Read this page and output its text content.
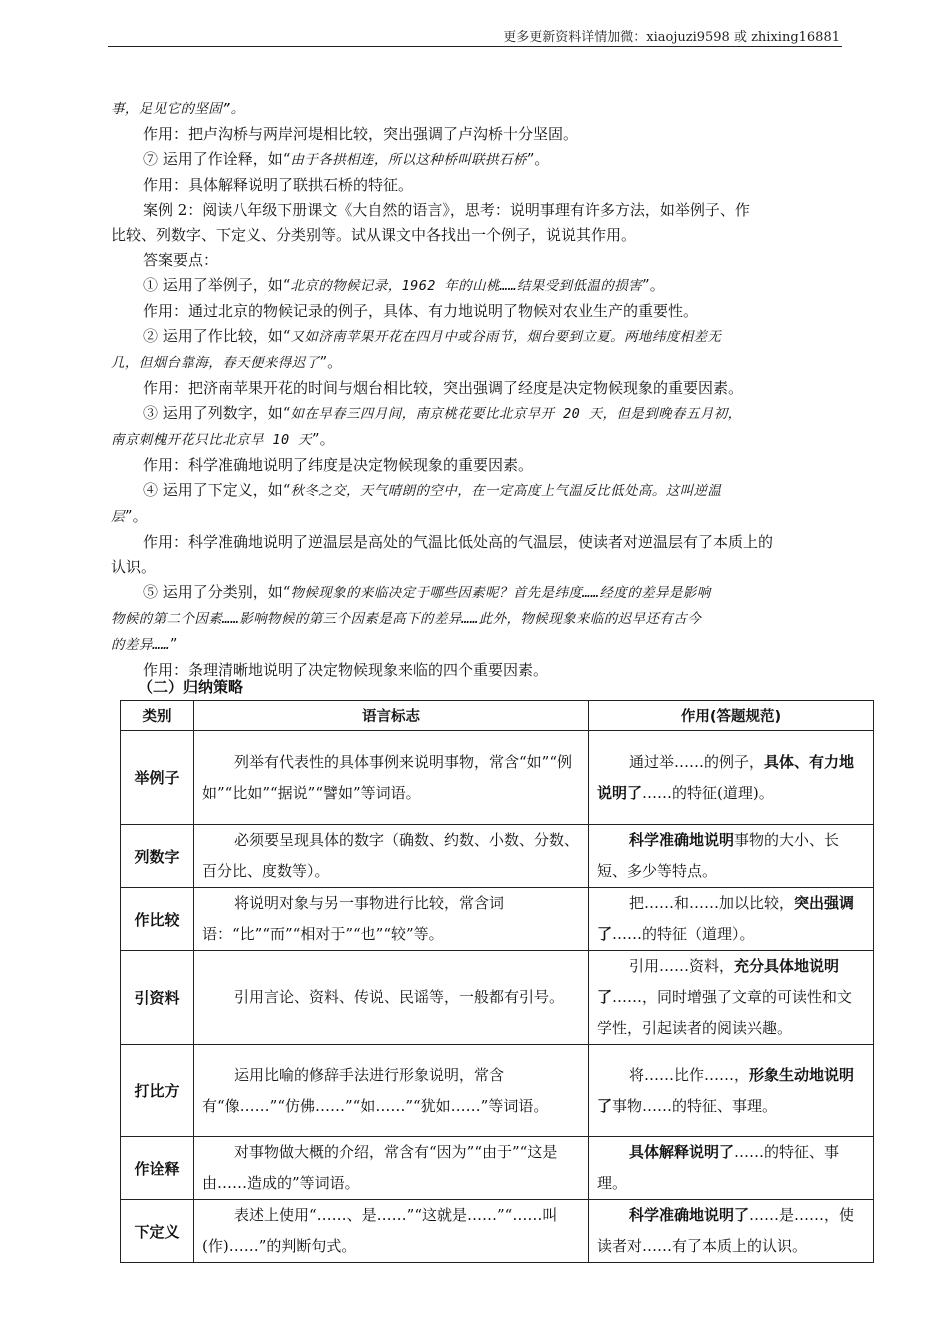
更多更新资料详情加微：xiaojuzi9598 或 zhixing16881
事，足见它的坚固”。
作用：把卢沟桥与两岸河堤相比较，突出强调了卢沟桥十分坚固。
⑦ 运用了作诠释，如“由于各拱相连，所以这种桥叫联拱石桥”。
作用：具体解释说明了联拱石桥的特征。
案例 2：阅读八年级下册课文《大自然的语言》，思考：说明事理有许多方法，如举例子、作
比较、列数字、下定义、分类别等。试从课文中各找出一个例子，说说其作用。
答案要点：
① 运用了举例子，如“北京的物候记录，1962 年的山桃……结果受到低温的损害”。
作用：通过北京的物候记录的例子，具体、有力地说明了物候对农业生产的重要性。
② 运用了作比较，如“又如济南苹果开花在四月中或谷雨节，烟台要到立夏。两地纬度相差无
几，但烟台靠海，春天便来得迟了”。
作用：把济南苹果开花的时间与烟台相比较，突出强调了经度是决定物候现象的重要因素。
③ 运用了列数字，如“如在早春三四月间，南京桃花要比北京早开 20 天，但是到晚春五月初，
南京刺槐开花只比北京早 10 天”。
作用：科学准确地说明了纬度是决定物候现象的重要因素。
④ 运用了下定义，如“秋冬之交，天气晴朗的空中，在一定高度上气温反比低处高。这叫逆温
层”。
作用：科学准确地说明了逆温层是高处的气温比低处高的气温层，使读者对逆温层有了本质上的
认识。
⑤ 运用了分类别，如“物候现象的来临决定于哪些因素呢？首先是纬度……经度的差异是影响
物候的第二个因素……影响物候的第三个因素是高下的差异……此外，物候现象来临的迟早还有古今
的差异……”
作用：条理清晰地说明了决定物候现象来临的四个重要因素。
（二）归纳策略
类别	语言标志	作用(答题规范)
举例子	列举有代表性的具体事例来说明事物，常含“如”“例如”“比如”“据说”“譬如”等词语。	通过举……的例子，具体、有力地说明了……的特征(道理)。
列数字	必须要呈现具体的数字（确数、约数、小数、分数、百分比、度数等）。	科学准确地说明事物的大小、长短、多少等特点。
作比较	将说明对象与另一事物进行比较，常含词语：“比”“而”“相对于”“也”“较”等。	把……和……加以比较，突出强调了……的特征（道理）。
引资料	引用言论、资料、传说、民谣等，一般都有引号。	引用……资料，充分具体地说明了……，同时增强了文章的可读性和文学性，引起读者的阅读兴趣。
打比方	运用比喻的修辞手法进行形象说明，常含有“像……”“仿佛……”“如……”“犹如……”等词语。	将……比作……，形象生动地说明了事物……的特征、事理。
作诠释	对事物做大概的介绍，常含有“因为”“由于”“这是由……造成的”等词语。	具体解释说明了……的特征、事理。
下定义	表述上使用“……、是……”“这就是……”“……叫(作)……”的判断句式。	科学准确地说明了……是……，使读者对……有了本质上的认识。
